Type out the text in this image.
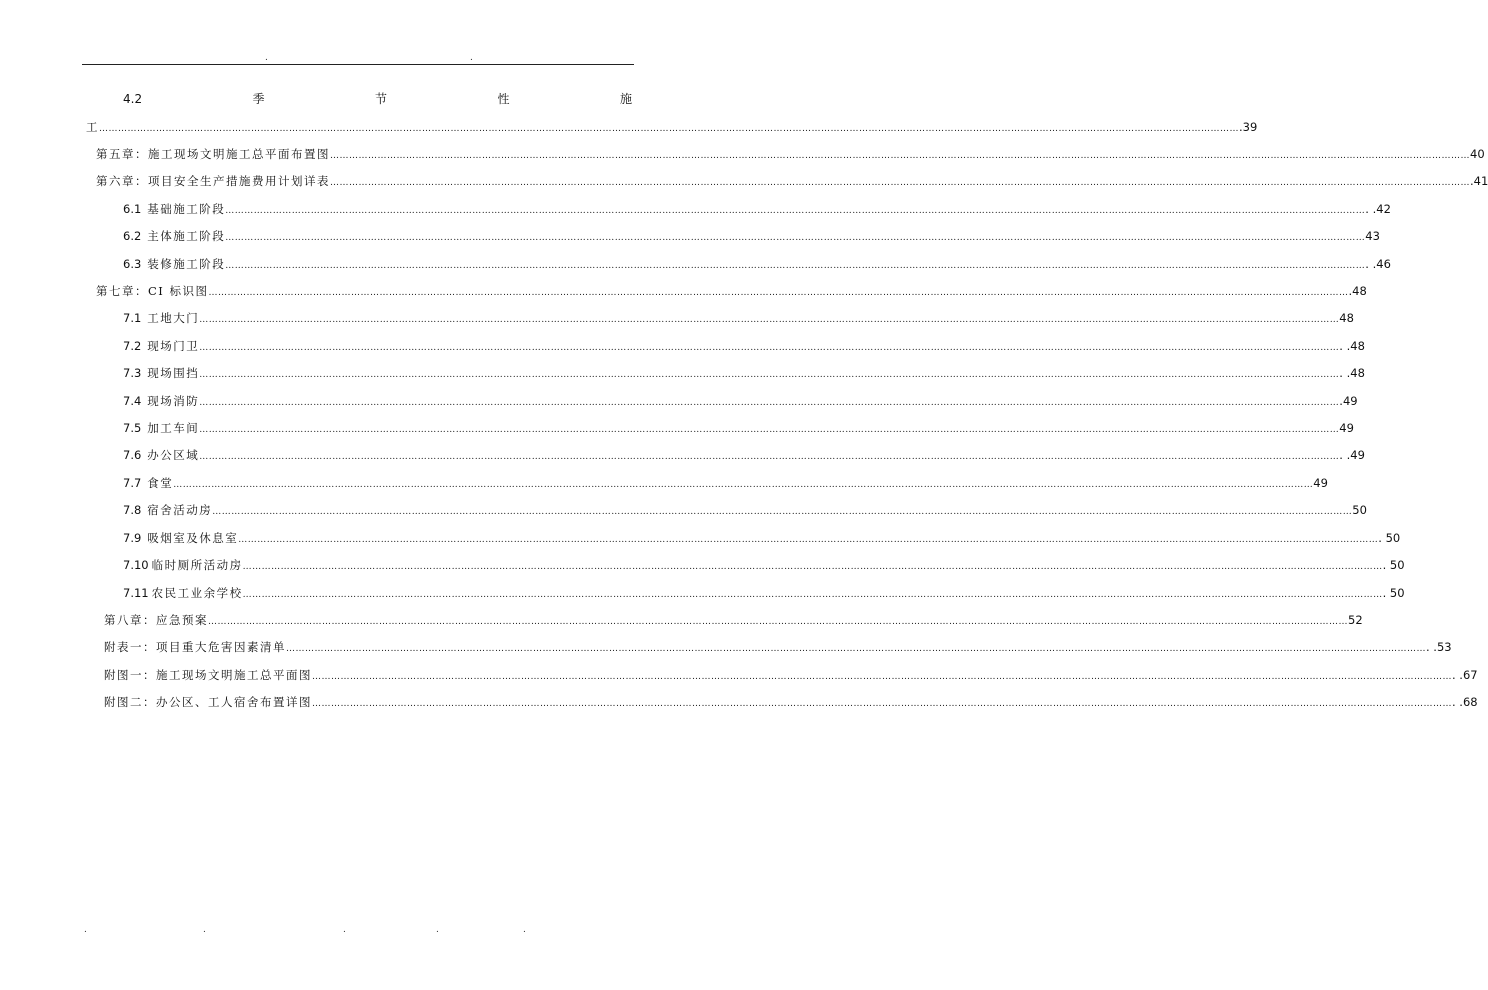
.	.
4.2	季	节	性	施
工 ……………………………………………………………………………………………………………………………………………………………………………………………………………………………………………………………………………………………………………………………… .39
第五章：施工现场文明施工总平面布置图 ……………………………………………………………………………………………………………………………………………………………………………………………………………………………………………………………………………………………………………………………… 40
第六章：项目安全生产措施费用计划详表 ……………………………………………………………………………………………………………………………………………………………………………………………………………………………………………………………………………………………………………………………… .41
6.1 基础施工阶段 ……………………………………………………………………………………………………………………………………………………………………………………………………………………………………………………………………………………………………………………………… . .42
6.2 主体施工阶段 ……………………………………………………………………………………………………………………………………………………………………………………………………………………………………………………………………………………………………………………………… 43
6.3 装修施工阶段 ……………………………………………………………………………………………………………………………………………………………………………………………………………………………………………………………………………………………………………………………… . .46
第七章：CI 标识图 ……………………………………………………………………………………………………………………………………………………………………………………………………………………………………………………………………………………………………………………………… .48
7.1 工地大门 ……………………………………………………………………………………………………………………………………………………………………………………………………………………………………………………………………………………………………………………………… 48
7.2 现场门卫 ……………………………………………………………………………………………………………………………………………………………………………………………………………………………………………………………………………………………………………………………… . .48
7.3 现场围挡 ……………………………………………………………………………………………………………………………………………………………………………………………………………………………………………………………………………………………………………………………… . .48
7.4 现场消防 ……………………………………………………………………………………………………………………………………………………………………………………………………………………………………………………………………………………………………………………………… .49
7.5 加工车间 ……………………………………………………………………………………………………………………………………………………………………………………………………………………………………………………………………………………………………………………………… 49
7.6 办公区域 ……………………………………………………………………………………………………………………………………………………………………………………………………………………………………………………………………………………………………………………………… . .49
7.7 食堂 ……………………………………………………………………………………………………………………………………………………………………………………………………………………………………………………………………………………………………………………………… 49
7.8 宿舍活动房 ……………………………………………………………………………………………………………………………………………………………………………………………………………………………………………………………………………………………………………………………… 50
7.9 吸烟室及休息室 ……………………………………………………………………………………………………………………………………………………………………………………………………………………………………………………………………………………………………………………………… . 50
7.10 临时厕所活动房 ……………………………………………………………………………………………………………………………………………………………………………………………………………………………………………………………………………………………………………………………… . 50
7.11 农民工业余学校 ……………………………………………………………………………………………………………………………………………………………………………………………………………………………………………………………………………………………………………………………… . 50
第八章：应急预案 ……………………………………………………………………………………………………………………………………………………………………………………………………………………………………………………………………………………………………………………………… 52
附表一：项目重大危害因素清单 ……………………………………………………………………………………………………………………………………………………………………………………………………………………………………………………………………………………………………………………………… . .53
附图一：施工现场文明施工总平面图 ……………………………………………………………………………………………………………………………………………………………………………………………………………………………………………………………………………………………………………………………… . .67
附图二：办公区、工人宿舍布置详图 ……………………………………………………………………………………………………………………………………………………………………………………………………………………………………………………………………………………………………………………………… . .68
.	.	.	.	.
